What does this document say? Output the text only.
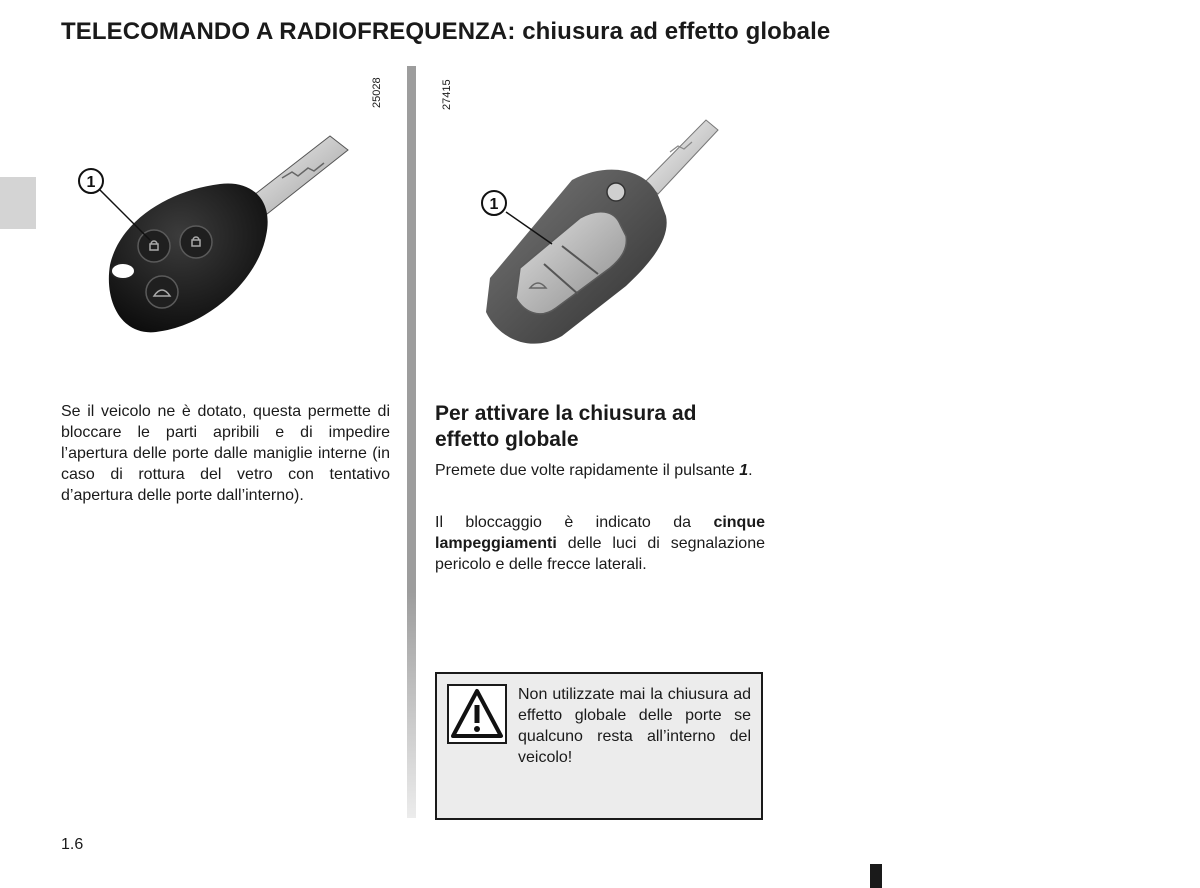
TELECOMANDO A RADIOFREQUENZA: chiusura ad effetto globale
25028	27415
1
1
Se il veicolo ne è dotato, questa permette di bloccare le parti apribili e di impedire l’apertura delle porte dalle maniglie interne (in caso di rottura del vetro con tentativo d’apertura delle porte dall’interno).
Per attivare la chiusura ad effetto globale
Premete due volte rapidamente il pulsante 1.
Il bloccaggio è indicato da cinque lampeggiamenti delle luci di segnalazione pericolo e delle frecce laterali.
Non utilizzate mai la chiusura ad effetto globale delle porte se qualcuno resta all’interno del veicolo!
1.6
